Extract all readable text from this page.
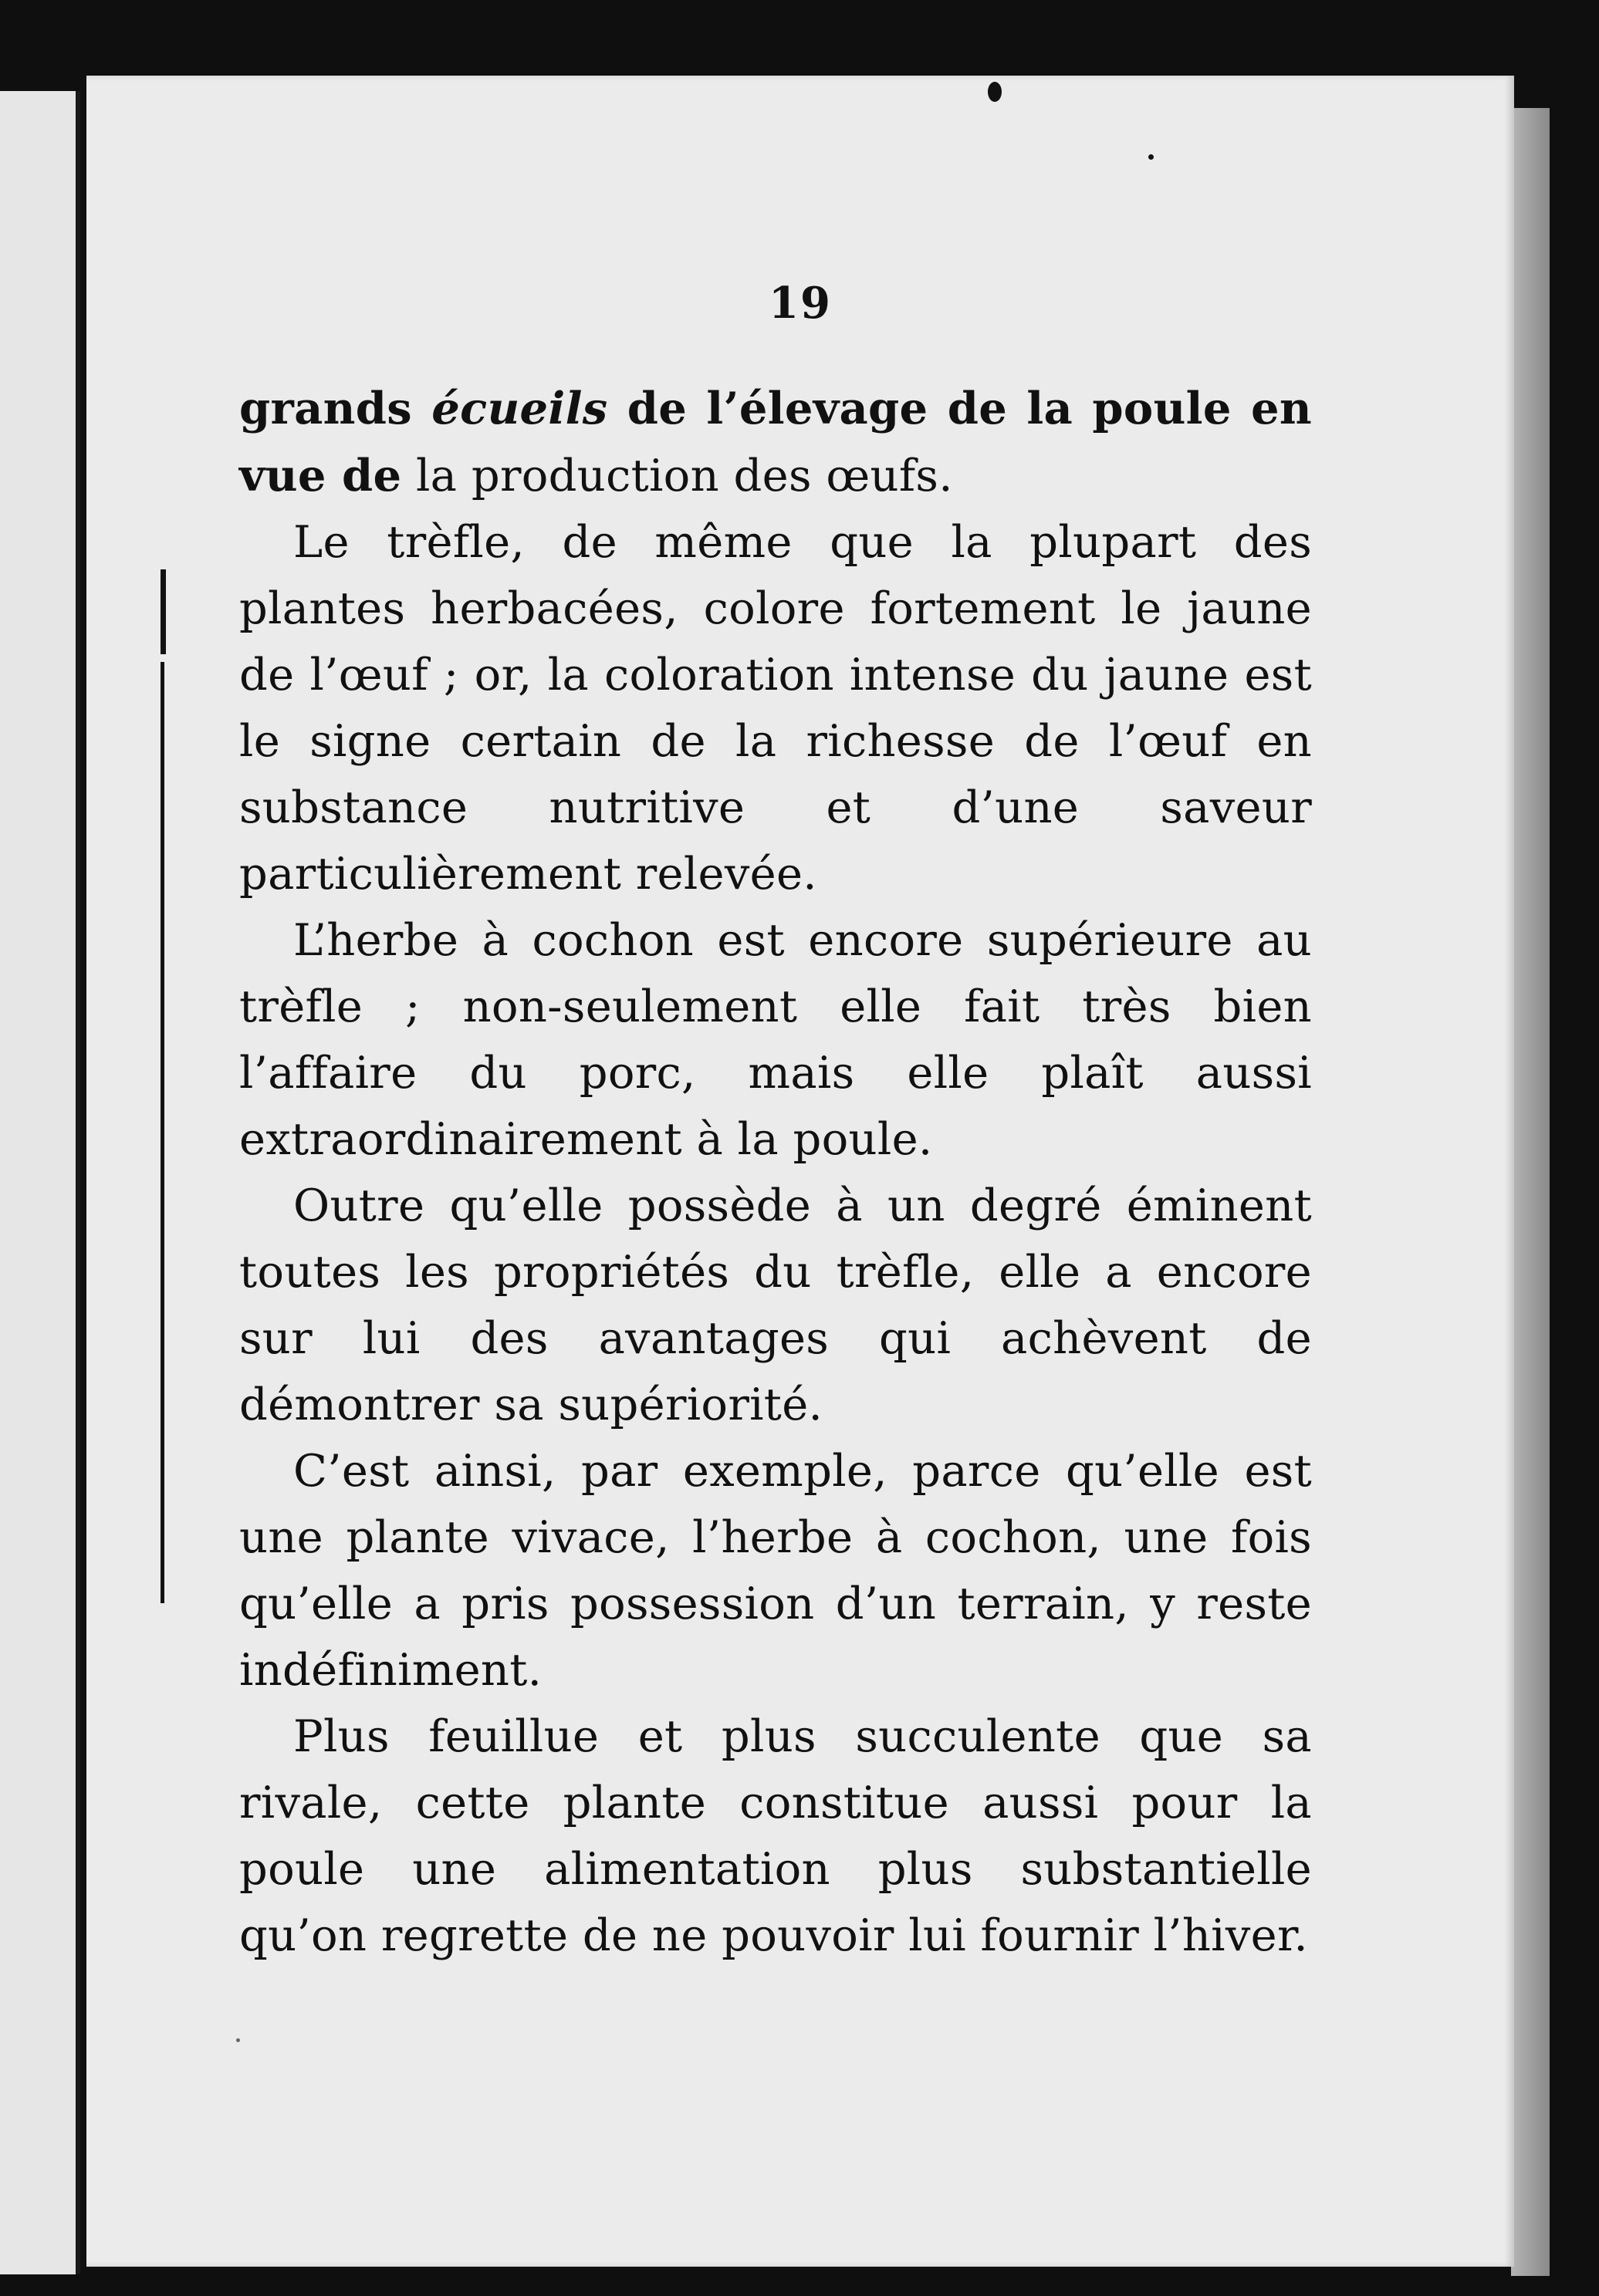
19

grands écueils de l’élevage de la poule en vue de la production des œufs.

Le trèfle, de même que la plupart des plantes herbacées, colore fortement le jaune de l’œuf ; or, la coloration intense du jaune est le signe certain de la richesse de l’œuf en substance nutritive et d’une saveur particulièrement relevée.

L’herbe à cochon est encore supérieure au trèfle ; non-seulement elle fait très bien l’affaire du porc, mais elle plaît aussi extraordinairement à la poule.

Outre qu’elle possède à un degré éminent toutes les propriétés du trèfle, elle a encore sur lui des avantages qui achèvent de démontrer sa supériorité.

C’est ainsi, par exemple, parce qu’elle est une plante vivace, l’herbe à cochon, une fois qu’elle a pris possession d’un terrain, y reste indéfiniment.

Plus feuillue et plus succulente que sa rivale, cette plante constitue aussi pour la poule une alimentation plus substantielle qu’on regrette de ne pouvoir lui fournir l’hiver.
